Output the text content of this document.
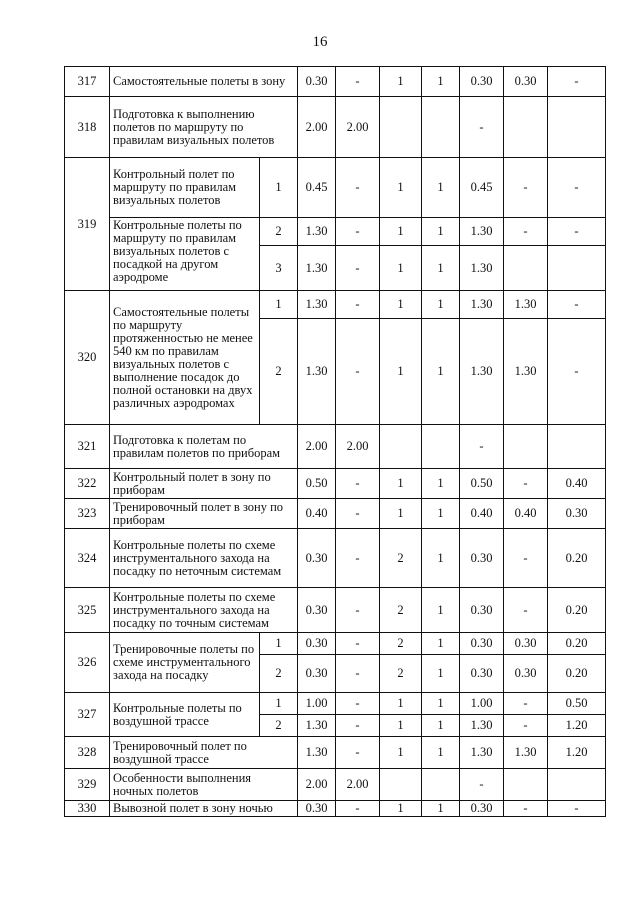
16
317	Самостоятельные полеты в зону		0.30	-	1	1	0.30	0.30	-
318	Подготовка к выполнению полетов по маршруту по правилам визуальных полетов		2.00	2.00			-		
319	Контрольный полет по маршруту по правилам визуальных полетов	1	0.45	-	1	1	0.45	-	-
	Контрольные полеты по маршруту по правилам визуальных полетов с посадкой на другом аэродроме	2	1.30	-	1	1	1.30	-	-
		3	1.30	-	1	1	1.30		
320	Самостоятельные полеты по маршруту протяженностью не менее 540 км по правилам визуальных полетов с выполнение посадок до полной остановки на двух различных аэродромах	1	1.30	-	1	1	1.30	1.30	-
		2	1.30	-	1	1	1.30	1.30	-
321	Подготовка к полетам по правилам полетов по приборам		2.00	2.00			-		
322	Контрольный полет в зону по приборам		0.50	-	1	1	0.50	-	0.40
323	Тренировочный полет в зону по приборам		0.40	-	1	1	0.40	0.40	0.30
324	Контрольные полеты по схеме инструментального захода на посадку по неточным системам		0.30	-	2	1	0.30	-	0.20
325	Контрольные полеты по схеме инструментального захода на посадку по точным системам		0.30	-	2	1	0.30	-	0.20
326	Тренировочные полеты по схеме инструментального захода на посадку	1	0.30	-	2	1	0.30	0.30	0.20
		2	0.30	-	2	1	0.30	0.30	0.20
327	Контрольные полеты по воздушной трассе	1	1.00	-	1	1	1.00	-	0.50
		2	1.30	-	1	1	1.30	-	1.20
328	Тренировочный полет по воздушной трассе		1.30	-	1	1	1.30	1.30	1.20
329	Особенности выполнения ночных полетов		2.00	2.00			-		
330	Вывозной полет в зону ночью		0.30	-	1	1	0.30	-	-
